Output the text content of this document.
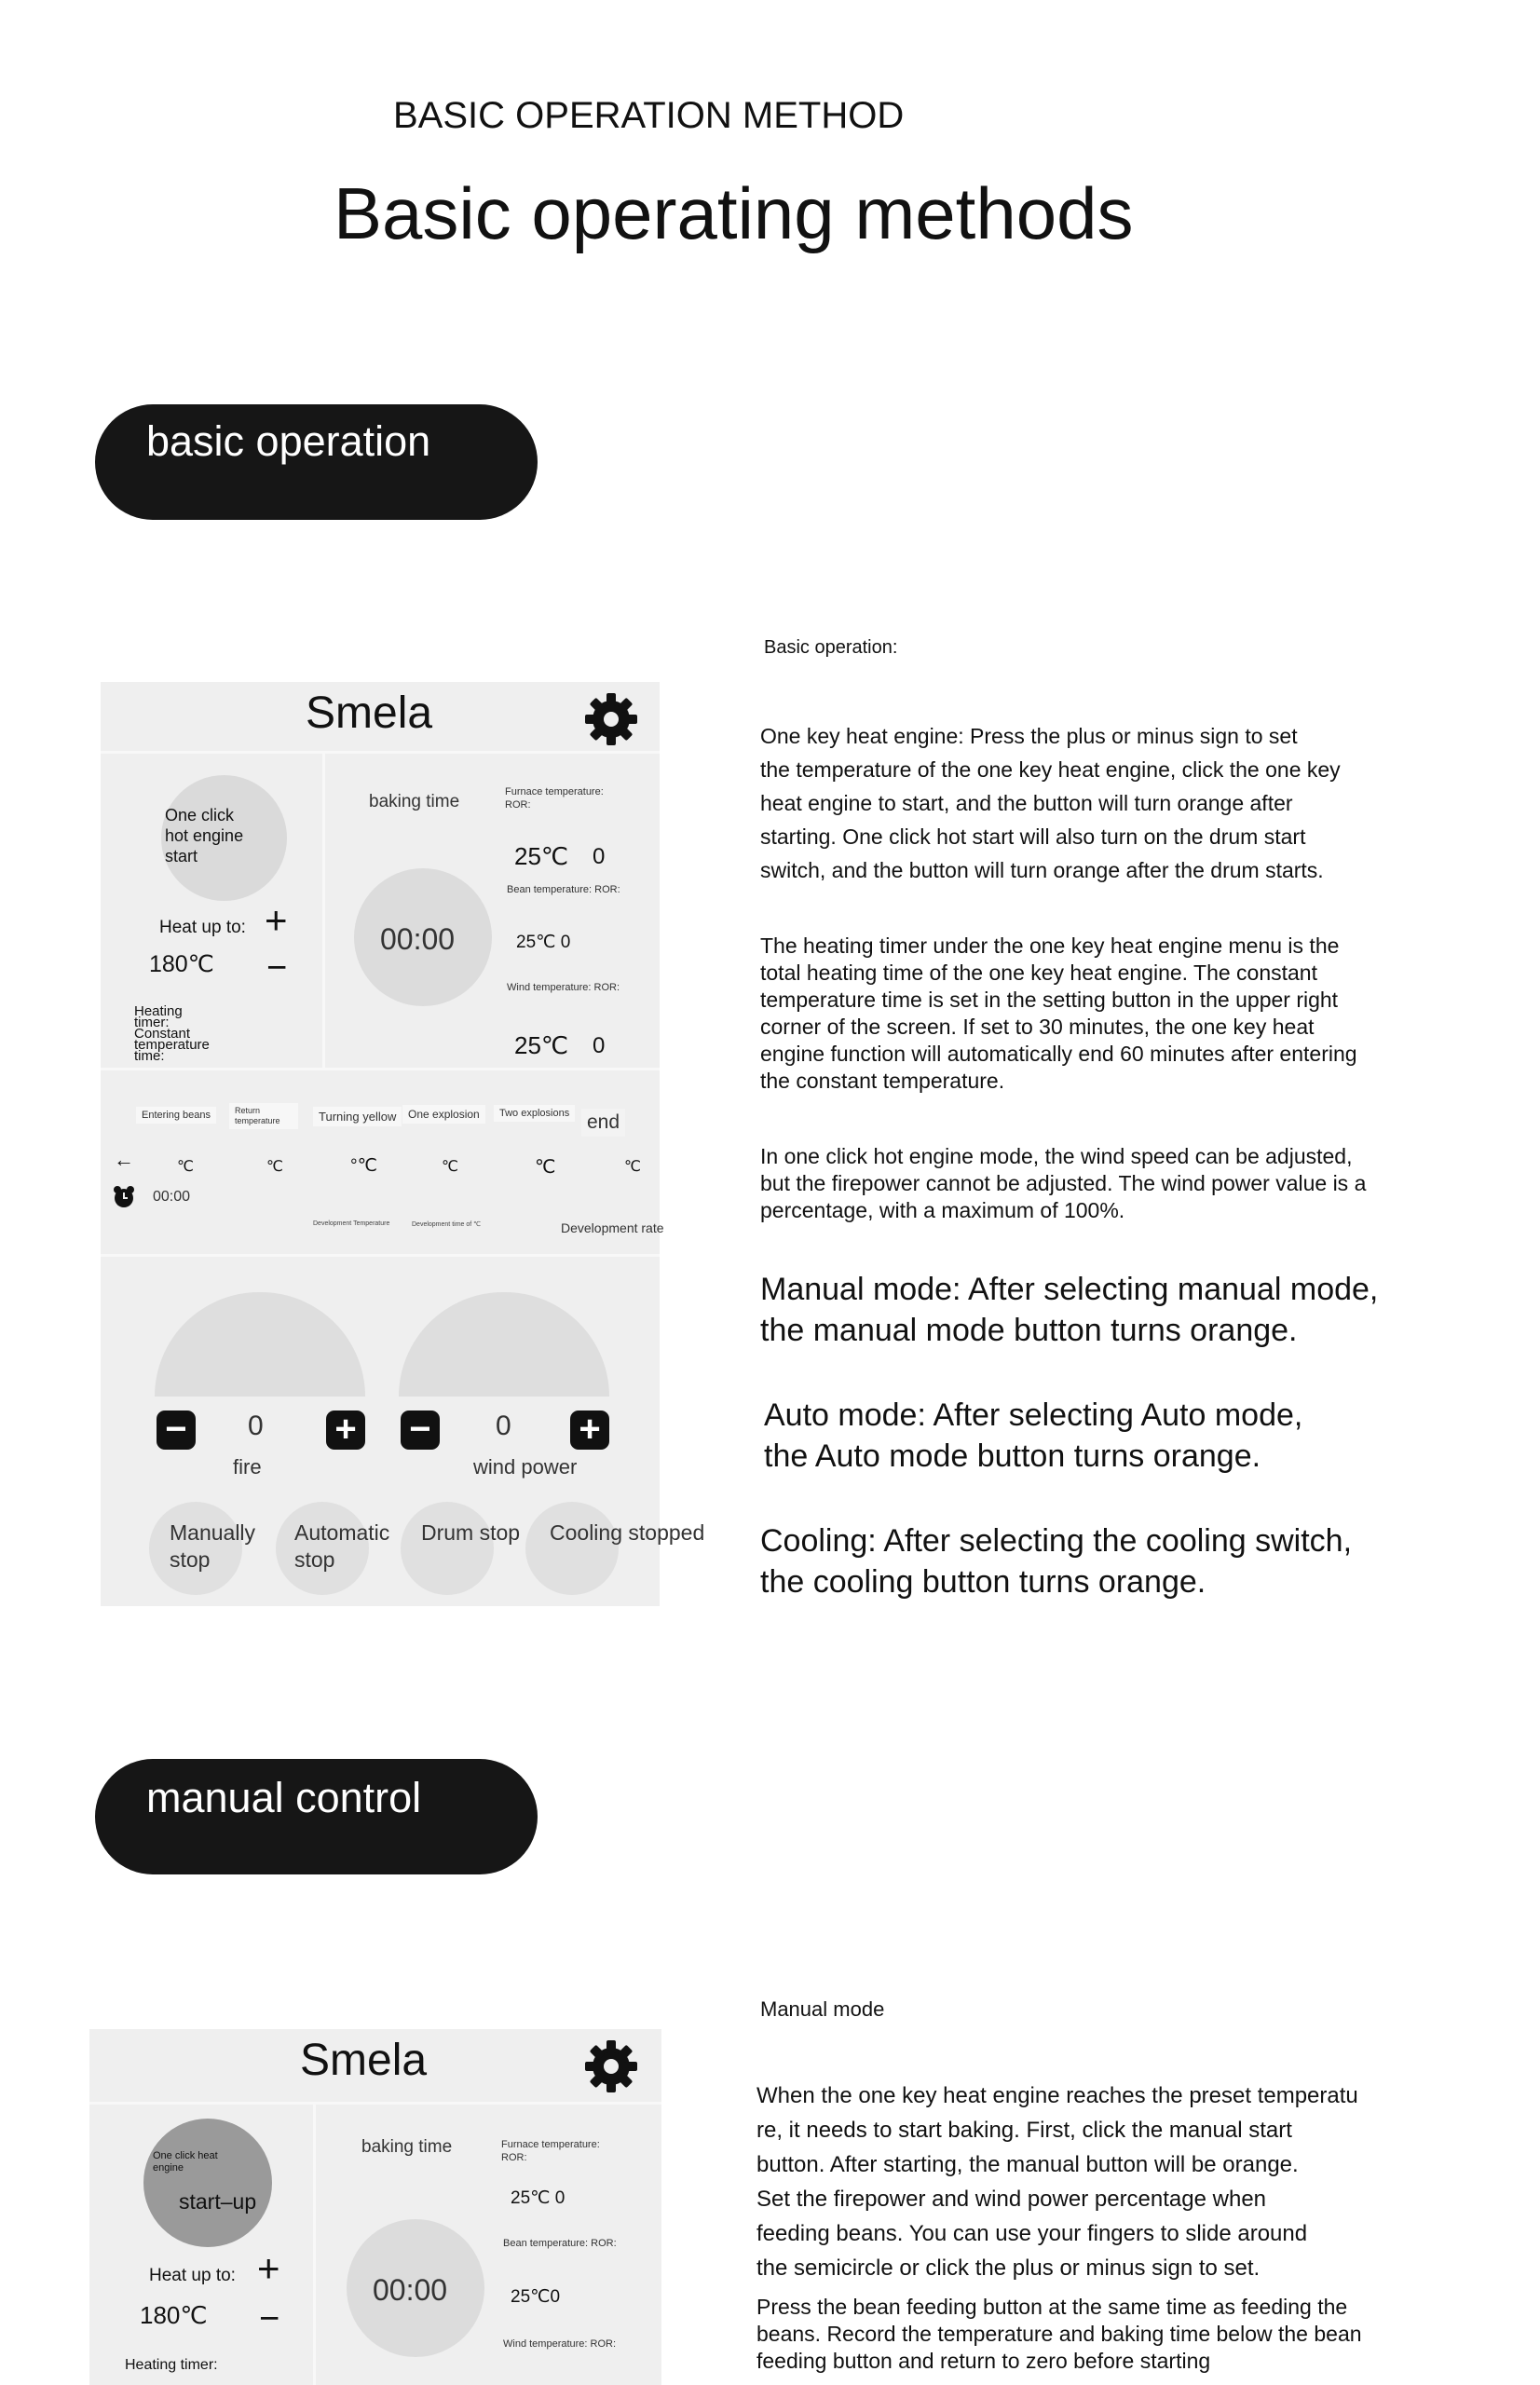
BASIC OPERATION METHOD
Basic operating methods
basic operation
Smela
One click
hot engine
start
Heat up to: +
180℃ −
Heating
timer:
Constant
temperature
time:
baking time
00:00
Furnace temperature:
ROR:
25℃ 0
Bean temperature: ROR:
25℃ 0
Wind temperature: ROR:
25℃ 0
Entering beans	Return temperature	Turning yellow	One explosion	Two explosions end
←	℃	℃	°℃	℃	℃	℃
00:00
Development Temperature	Development time of ℃	Development rate
−	0 +
fire
−	0 +
wind power
Manually
stop
Automatic
stop
Drum stop Cooling stopped
Basic operation:
One key heat engine: Press the plus or minus sign to set
the temperature of the one key heat engine, click the one key
heat engine to start, and the button will turn orange after
starting. One click hot start will also turn on the drum start
switch, and the button will turn orange after the drum starts.
The heating timer under the one key heat engine menu is the
total heating time of the one key heat engine. The constant
temperature time is set in the setting button in the upper right
corner of the screen. If set to 30 minutes, the one key heat
engine function will automatically end 60 minutes after entering
the constant temperature.
In one click hot engine mode, the wind speed can be adjusted,
but the firepower cannot be adjusted. The wind power value is a
percentage, with a maximum of 100%.
Manual mode: After selecting manual mode,
the manual mode button turns orange.
Auto mode: After selecting Auto mode,
the Auto mode button turns orange.
Cooling: After selecting the cooling switch,
the cooling button turns orange.
manual control
Smela
One click heat
engine
start–up
Heat up to: +
180℃ −
Heating timer:
baking time
00:00
Furnace temperature:
ROR:
25℃ 0
Bean temperature: ROR:
25℃0
Wind temperature: ROR:
Manual mode
When the one key heat engine reaches the preset temperatu
re, it needs to start baking. First, click the manual start
button. After starting, the manual button will be orange.
Set the firepower and wind power percentage when
feeding beans. You can use your fingers to slide around
the semicircle or click the plus or minus sign to set.
Press the bean feeding button at the same time as feeding the
beans. Record the temperature and baking time below the bean
feeding button and return to zero before starting
